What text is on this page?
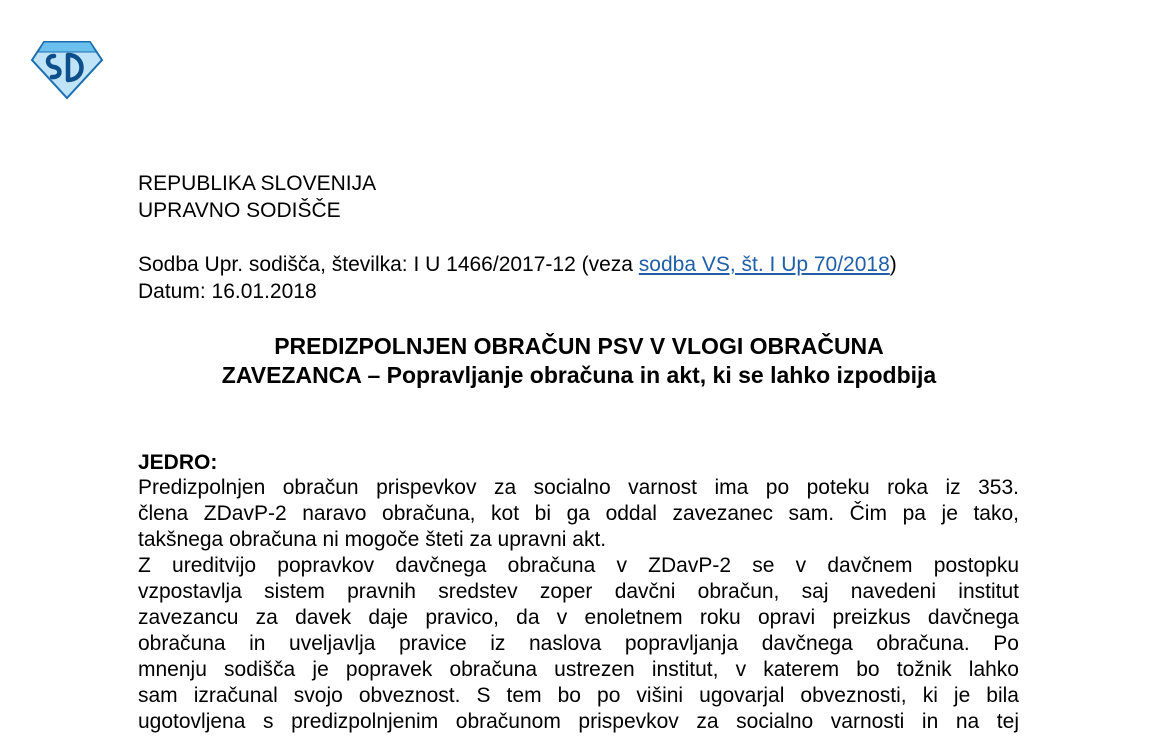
REPUBLIKA SLOVENIJA
UPRAVNO SODIŠČE
Sodba Upr. sodišča, številka: I U 1466/2017-12 (veza sodba VS, št. I Up 70/2018)
Datum: 16.01.2018
PREDIZPOLNJEN OBRAČUN PSV V VLOGI OBRAČUNA
ZAVEZANCA – Popravljanje obračuna in akt, ki se lahko izpodbija
JEDRO:
Predizpolnjen obračun prispevkov za socialno varnost ima po poteku roka iz 353.
člena ZDavP-2 naravo obračuna, kot bi ga oddal zavezanec sam. Čim pa je tako,
takšnega obračuna ni mogoče šteti za upravni akt.
Z ureditvijo popravkov davčnega obračuna v ZDavP-2 se v davčnem postopku
vzpostavlja sistem pravnih sredstev zoper davčni obračun, saj navedeni institut
zavezancu za davek daje pravico, da v enoletnem roku opravi preizkus davčnega
obračuna in uveljavlja pravice iz naslova popravljanja davčnega obračuna. Po
mnenju sodišča je popravek obračuna ustrezen institut, v katerem bo tožnik lahko
sam izračunal svojo obveznost. S tem bo po višini ugovarjal obveznosti, ki je bila
ugotovljena s predizpolnjenim obračunom prispevkov za socialno varnosti in na tej
